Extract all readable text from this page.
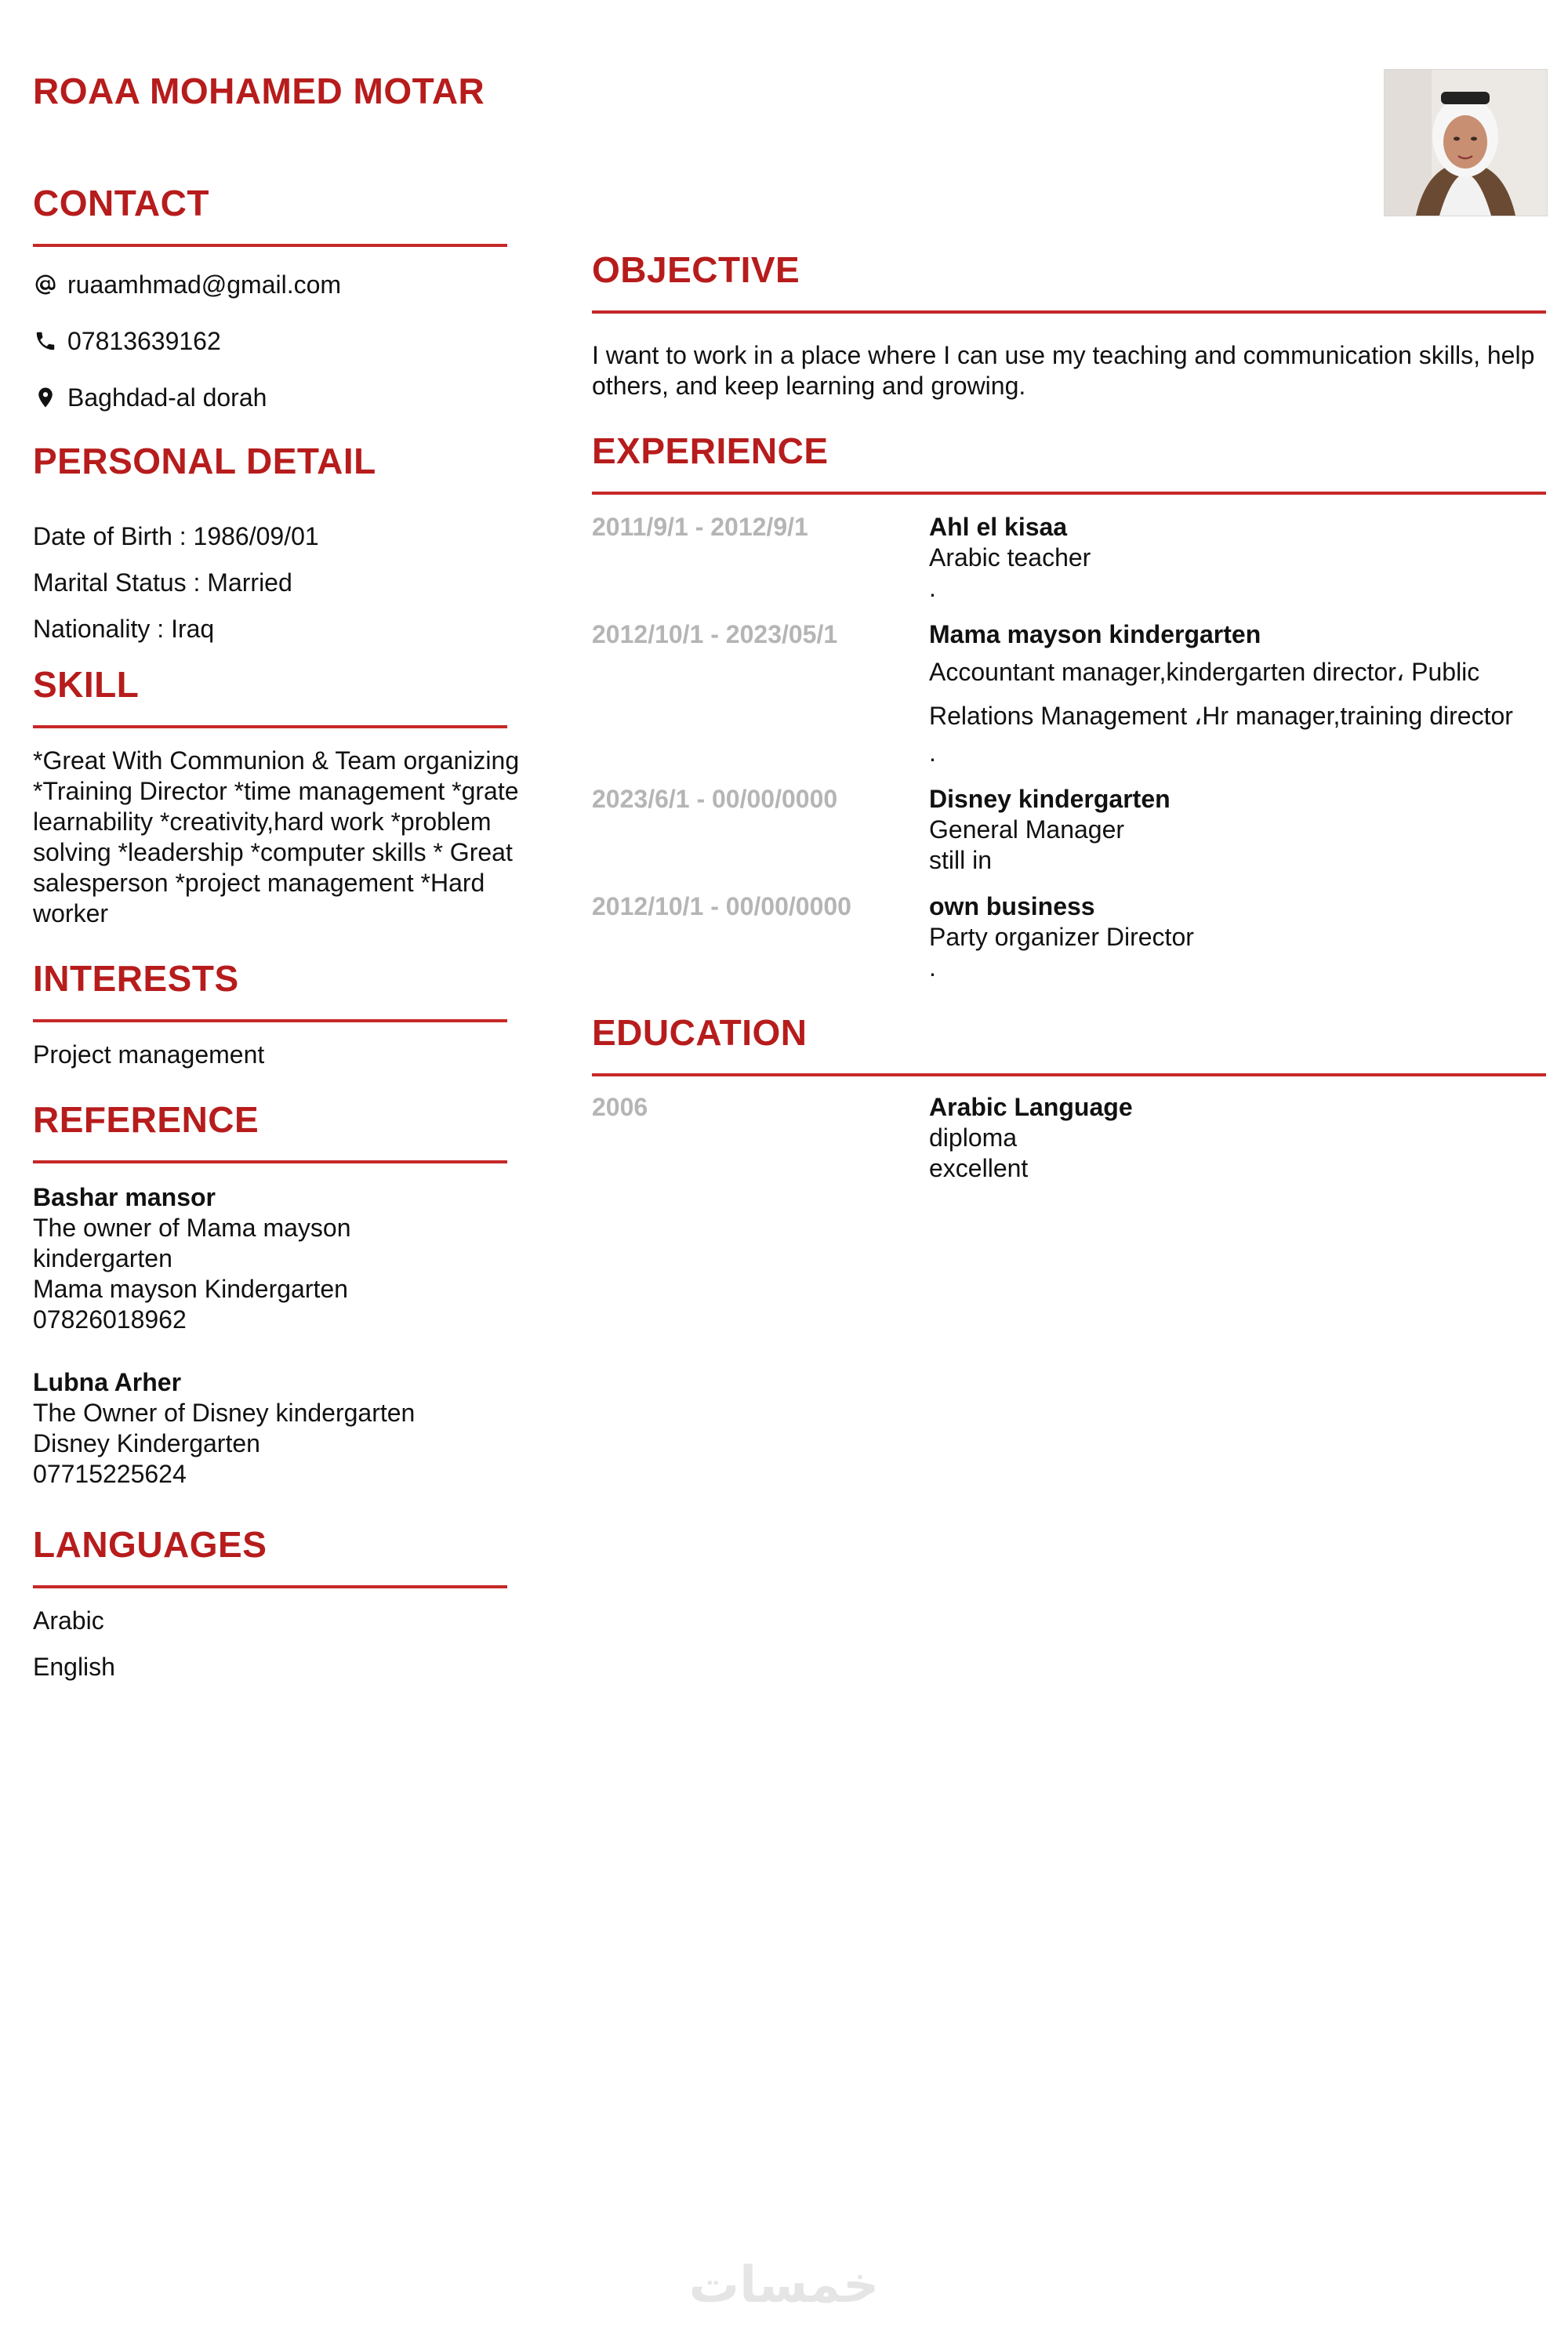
ROAA MOHAMED MOTAR
CONTACT
ruaamhmad@gmail.com
07813639162
Baghdad-al dorah
PERSONAL DETAIL
Date of Birth : 1986/09/01
Marital Status : Married
Nationality : Iraq
SKILL
*Great With Communion & Team organizing *Training Director *time management *grate learnability *creativity,hard work *problem solving *leadership *computer skills * Great salesperson *project management *Hard worker
INTERESTS
Project management
REFERENCE
Bashar mansor
The owner of Mama mayson kindergarten
Mama mayson Kindergarten
07826018962
Lubna Arher
The Owner of Disney kindergarten
Disney Kindergarten
07715225624
LANGUAGES
Arabic
English
OBJECTIVE
I want to work in a place where I can use my teaching and communication skills, help others, and keep learning and growing.
EXPERIENCE
2011/9/1 - 2012/9/1	Ahl el kisaa
Arabic teacher
.
2012/10/1 - 2023/05/1	Mama mayson kindergarten
Accountant manager,kindergarten director، Public Relations Management ،Hr manager,training director
.
2023/6/1 - 00/00/0000	Disney kindergarten
General Manager
still in
2012/10/1 - 00/00/0000	own business
Party organizer Director
.
EDUCATION
2006	Arabic Language
diploma
excellent
خمسات
